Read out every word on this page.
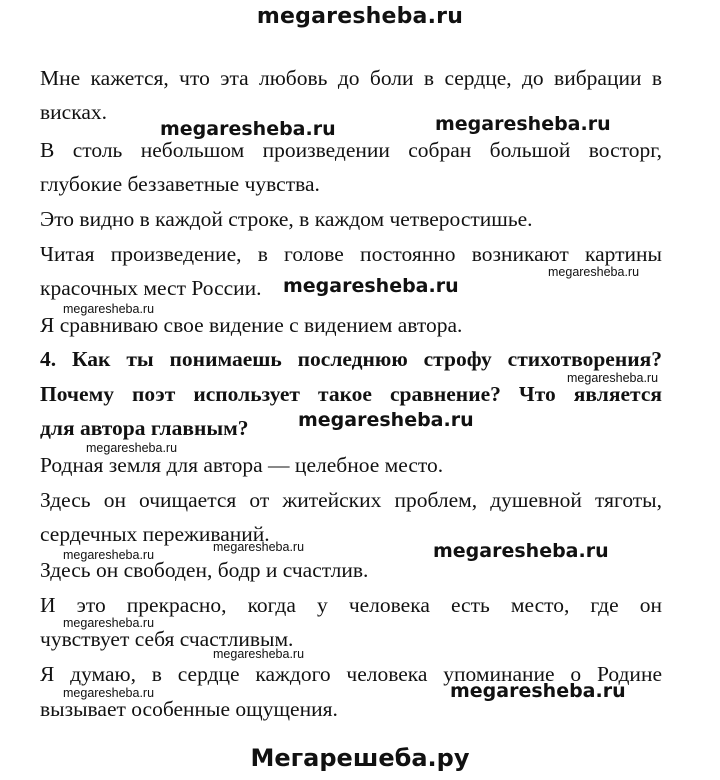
megaresheba.ru
Мне кажется, что эта любовь до боли в сердце, до вибрации в
висках.
В столь небольшом произведении собран большой восторг,
глубокие беззаветные чувства.
Это видно в каждой строке, в каждом четверостишье.
Читая произведение, в голове постоянно возникают картины
красочных мест России.
Я сравниваю свое видение с видением автора.
4. Как ты понимаешь последнюю строфу стихотворения?
Почему поэт использует такое сравнение? Что является
для автора главным?
Родная земля для автора — целебное место.
Здесь он очищается от житейских проблем, душевной тяготы,
сердечных переживаний.
Здесь он свободен, бодр и счастлив.
И это прекрасно, когда у человека есть место, где он
чувствует себя счастливым.
Я думаю, в сердце каждого человека упоминание о Родине
вызывает особенные ощущения.
megaresheba.ru	megaresheba.ru
megaresheba.ru
megaresheba.ru
megaresheba.ru
megaresheba.ru
megaresheba.ru
megaresheba.ru
megaresheba.ru	megaresheba.ru
megaresheba.ru
megaresheba.ru
megaresheba.ru
megaresheba.ru
megaresheba.ru
Мегарешеба.ру
